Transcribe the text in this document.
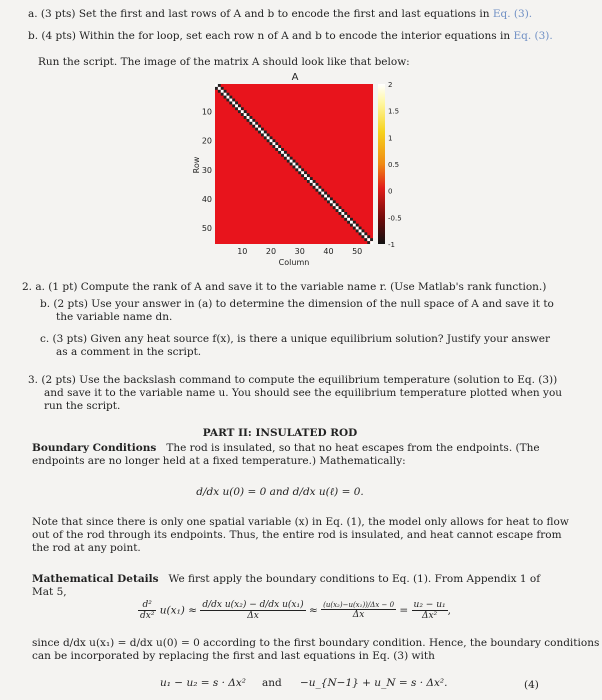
a. (3 pts) Set the first and last rows of A and b to encode the first and last equations in Eq. (3).
b. (4 pts) Within the for loop, set each row n of A and b to encode the interior equations in Eq. (3).
Run the script. The image of the matrix A should look like that below:
A
2
1.5
1
0.5
0
-0.5
-1
10 20 30 40 50
10
20
30
40
50
Row
Column
2. a. (1 pt) Compute the rank of A and save it to the variable name r. (Use Matlab's rank function.)
b. (2 pts) Use your answer in (a) to determine the dimension of the null space of A and save it to
the variable name dn.
c. (3 pts) Given any heat source f(x), is there a unique equilibrium solution? Justify your answer
as a comment in the script.
3. (2 pts) Use the backslash command to compute the equilibrium temperature (solution to Eq. (3))
and save it to the variable name u. You should see the equilibrium temperature plotted when you
run the script.
PART II: INSULATED ROD
Boundary Conditions The rod is insulated, so that no heat escapes from the endpoints. (The
endpoints are no longer held at a fixed temperature.) Mathematically:
d/dx u(0) = 0 and d/dx u(ℓ) = 0.
Note that since there is only one spatial variable (x) in Eq. (1), the model only allows for heat to flow
out of the rod through its endpoints. Thus, the entire rod is insulated, and heat cannot escape from
the rod at any point.
Mathematical Details We first apply the boundary conditions to Eq. (1). From Appendix 1 of
Mat 5,
$\frac{\text{d²}}{\text{dx²}} u(x_1) \approx \frac{\text{d/dx u(x₂) − d/dx u(x₁)}}{\Delta x} \approx \frac{\text{(u(x₂)−u(x₁))/Δx − 0}}{\Delta x} = \frac{\text{u₂ − u₁}}{\text{Δx²}}$ ,
since d/dx u(x₁) = d/dx u(0) = 0 according to the first boundary condition. Hence, the boundary conditions
can be incorporated by replacing the first and last equations in Eq. (3) with
u₁ − u₂ = s · Δx² and −u_{N−1} + u_N = s · Δx².	(4)
